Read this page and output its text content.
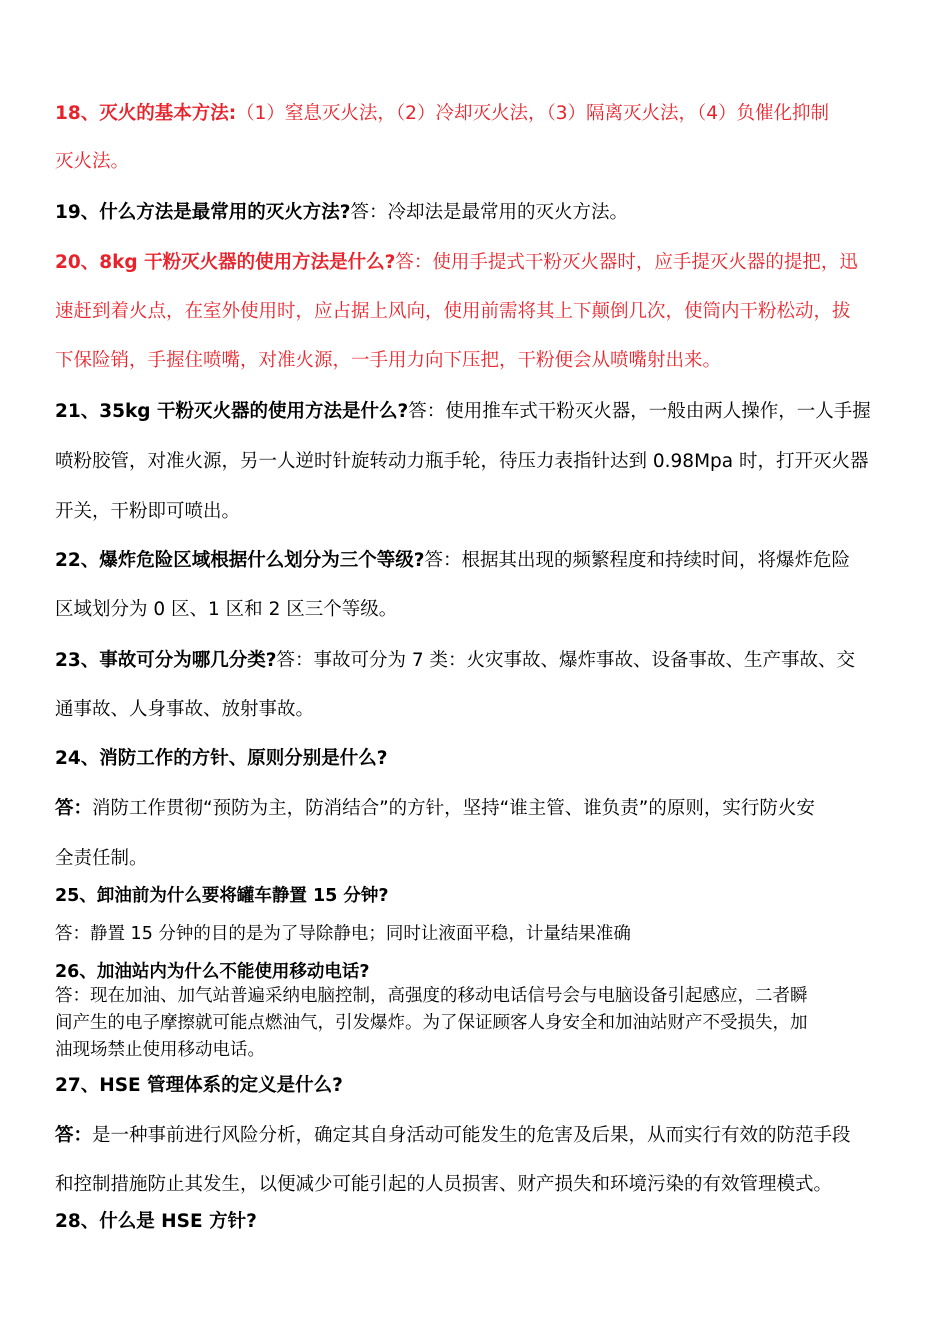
18、灭火的基本方法:（1）窒息灭火法，（2）冷却灭火法，（3）隔离灭火法，（4）负催化抑制
灭火法。
19、什么方法是最常用的灭火方法?答：冷却法是最常用的灭火方法。
20、8kg 干粉灭火器的使用方法是什么?答：使用手提式干粉灭火器时，应手提灭火器的提把，迅
速赶到着火点，在室外使用时，应占据上风向，使用前需将其上下颠倒几次，使筒内干粉松动，拔
下保险销，手握住喷嘴，对准火源，一手用力向下压把，干粉便会从喷嘴射出来。
21、35kg 干粉灭火器的使用方法是什么?答：使用推车式干粉灭火器，一般由两人操作，一人手握
喷粉胶管，对准火源，另一人逆时针旋转动力瓶手轮，待压力表指针达到 0.98Mpa 时，打开灭火器
开关，干粉即可喷出。
22、爆炸危险区域根据什么划分为三个等级?答：根据其出现的频繁程度和持续时间，将爆炸危险
区域划分为 0 区、1 区和 2 区三个等级。
23、事故可分为哪几分类?答：事故可分为 7 类：火灾事故、爆炸事故、设备事故、生产事故、交
通事故、人身事故、放射事故。
24、消防工作的方针、原则分别是什么?
答：消防工作贯彻“预防为主，防消结合”的方针，坚持“谁主管、谁负责”的原则，实行防火安
全责任制。
25、卸油前为什么要将罐车静置 15 分钟?
答：静置 15 分钟的目的是为了导除静电；同时让液面平稳，计量结果准确
26、加油站内为什么不能使用移动电话?
答：现在加油、加气站普遍采纳电脑控制，高强度的移动电话信号会与电脑设备引起感应，二者瞬
间产生的电子摩擦就可能点燃油气，引发爆炸。为了保证顾客人身安全和加油站财产不受损失，加
油现场禁止使用移动电话。
27、HSE 管理体系的定义是什么?
答：是一种事前进行风险分析，确定其自身活动可能发生的危害及后果，从而实行有效的防范手段
和控制措施防止其发生，以便减少可能引起的人员损害、财产损失和环境污染的有效管理模式。
28、什么是 HSE 方针?
